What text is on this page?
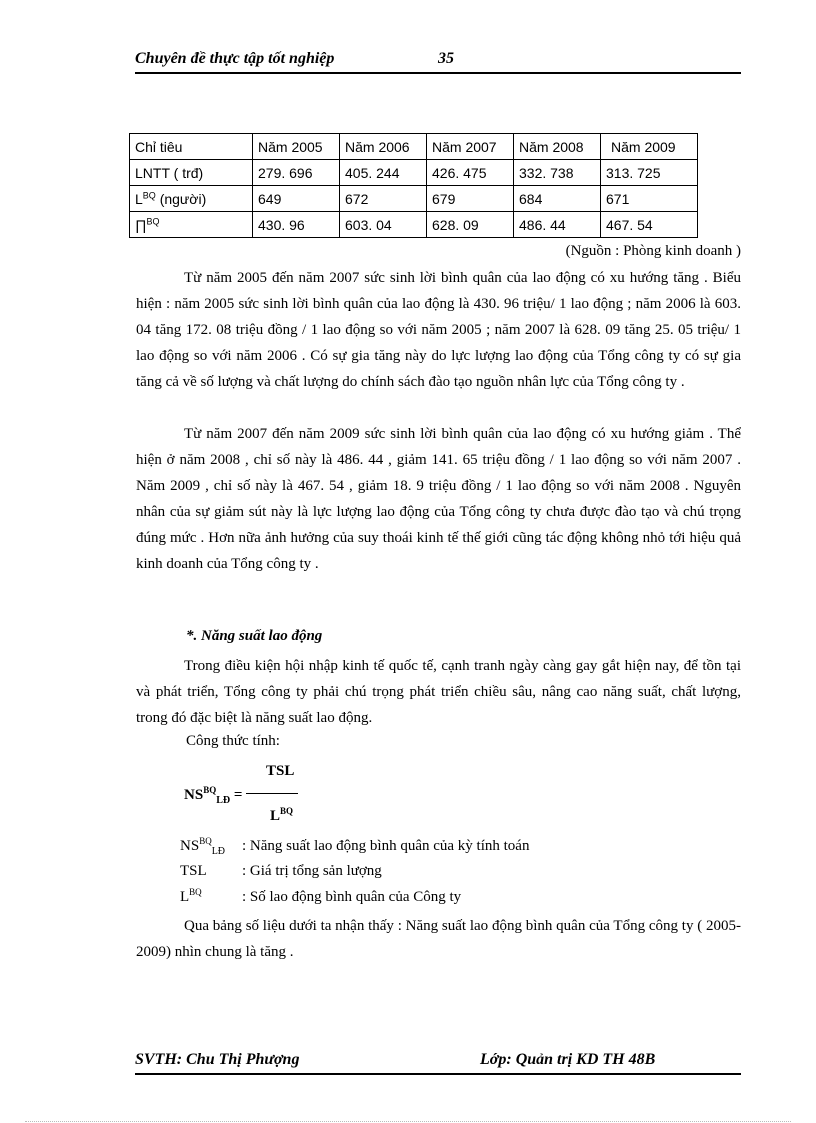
Chuyên đề thực tập tốt nghiệp	35
Chỉ tiêu	Năm 2005	Năm 2006	Năm 2007	Năm 2008	Năm 2009
LNTT ( trđ)	279. 696	405. 244	426. 475	332. 738	313. 725
$L^{BQ}$ (người)	649	672	679	684	671
∏$^{BQ}$	430. 96	603. 04	628. 09	486. 44	467. 54
(Nguồn : Phòng kinh doanh )

Từ năm 2005 đến năm 2007 sức sinh lời bình quân của lao động có xu hướng tăng . Biểu hiện : năm 2005 sức sinh lời bình quân của lao động là 430. 96 triệu/ 1 lao động ; năm 2006 là 603. 04 tăng 172. 08 triệu đồng / 1 lao động so với năm 2005 ; năm 2007 là 628. 09 tăng 25. 05 triệu/ 1 lao động so với năm 2006 . Có sự gia tăng này do lực lượng lao động của Tổng công ty có sự gia tăng cả về số lượng và chất lượng do chính sách đào tạo nguồn nhân lực của Tổng công ty .

Từ năm 2007 đến năm 2009 sức sinh lời bình quân của lao động có xu hướng giảm . Thể hiện ở năm 2008 , chỉ số này là 486. 44 , giảm 141. 65 triệu đồng / 1 lao động so với năm 2007 . Năm 2009 , chỉ số này là 467. 54 , giảm 18. 9 triệu đồng / 1 lao động so với năm 2008 . Nguyên nhân của sự giảm sút này là lực lượng lao động của Tổng công ty chưa được đào tạo và chú trọng đúng mức . Hơn nữa ảnh hưởng của suy thoái kinh tế thế giới cũng tác động không nhỏ tới hiệu quả kinh doanh của Tổng công ty .

*. Năng suất lao động

Trong điều kiện hội nhập kinh tế quốc tế, cạnh tranh ngày càng gay gắt hiện nay, để tồn tại và phát triển, Tổng công ty phải chú trọng phát triển chiều sâu, nâng cao năng suất, chất lượng, trong đó đặc biệt là năng suất lao động.

Công thức tính:
TSL
$NS^{BQ}_{LĐ}$ =
$L^{BQ}$
$NS^{BQ}_{LĐ}$ : Năng suất lao động bình quân của kỳ tính toán
TSL : Giá trị tổng sản lượng
$L^{BQ}$	: Số lao động bình quân của Công ty

Qua bảng số liệu dưới ta nhận thấy : Năng suất lao động bình quân của Tổng công ty ( 2005- 2009) nhìn chung là tăng .

SVTH: Chu Thị Phượng	Lớp: Quản trị KD TH 48B
